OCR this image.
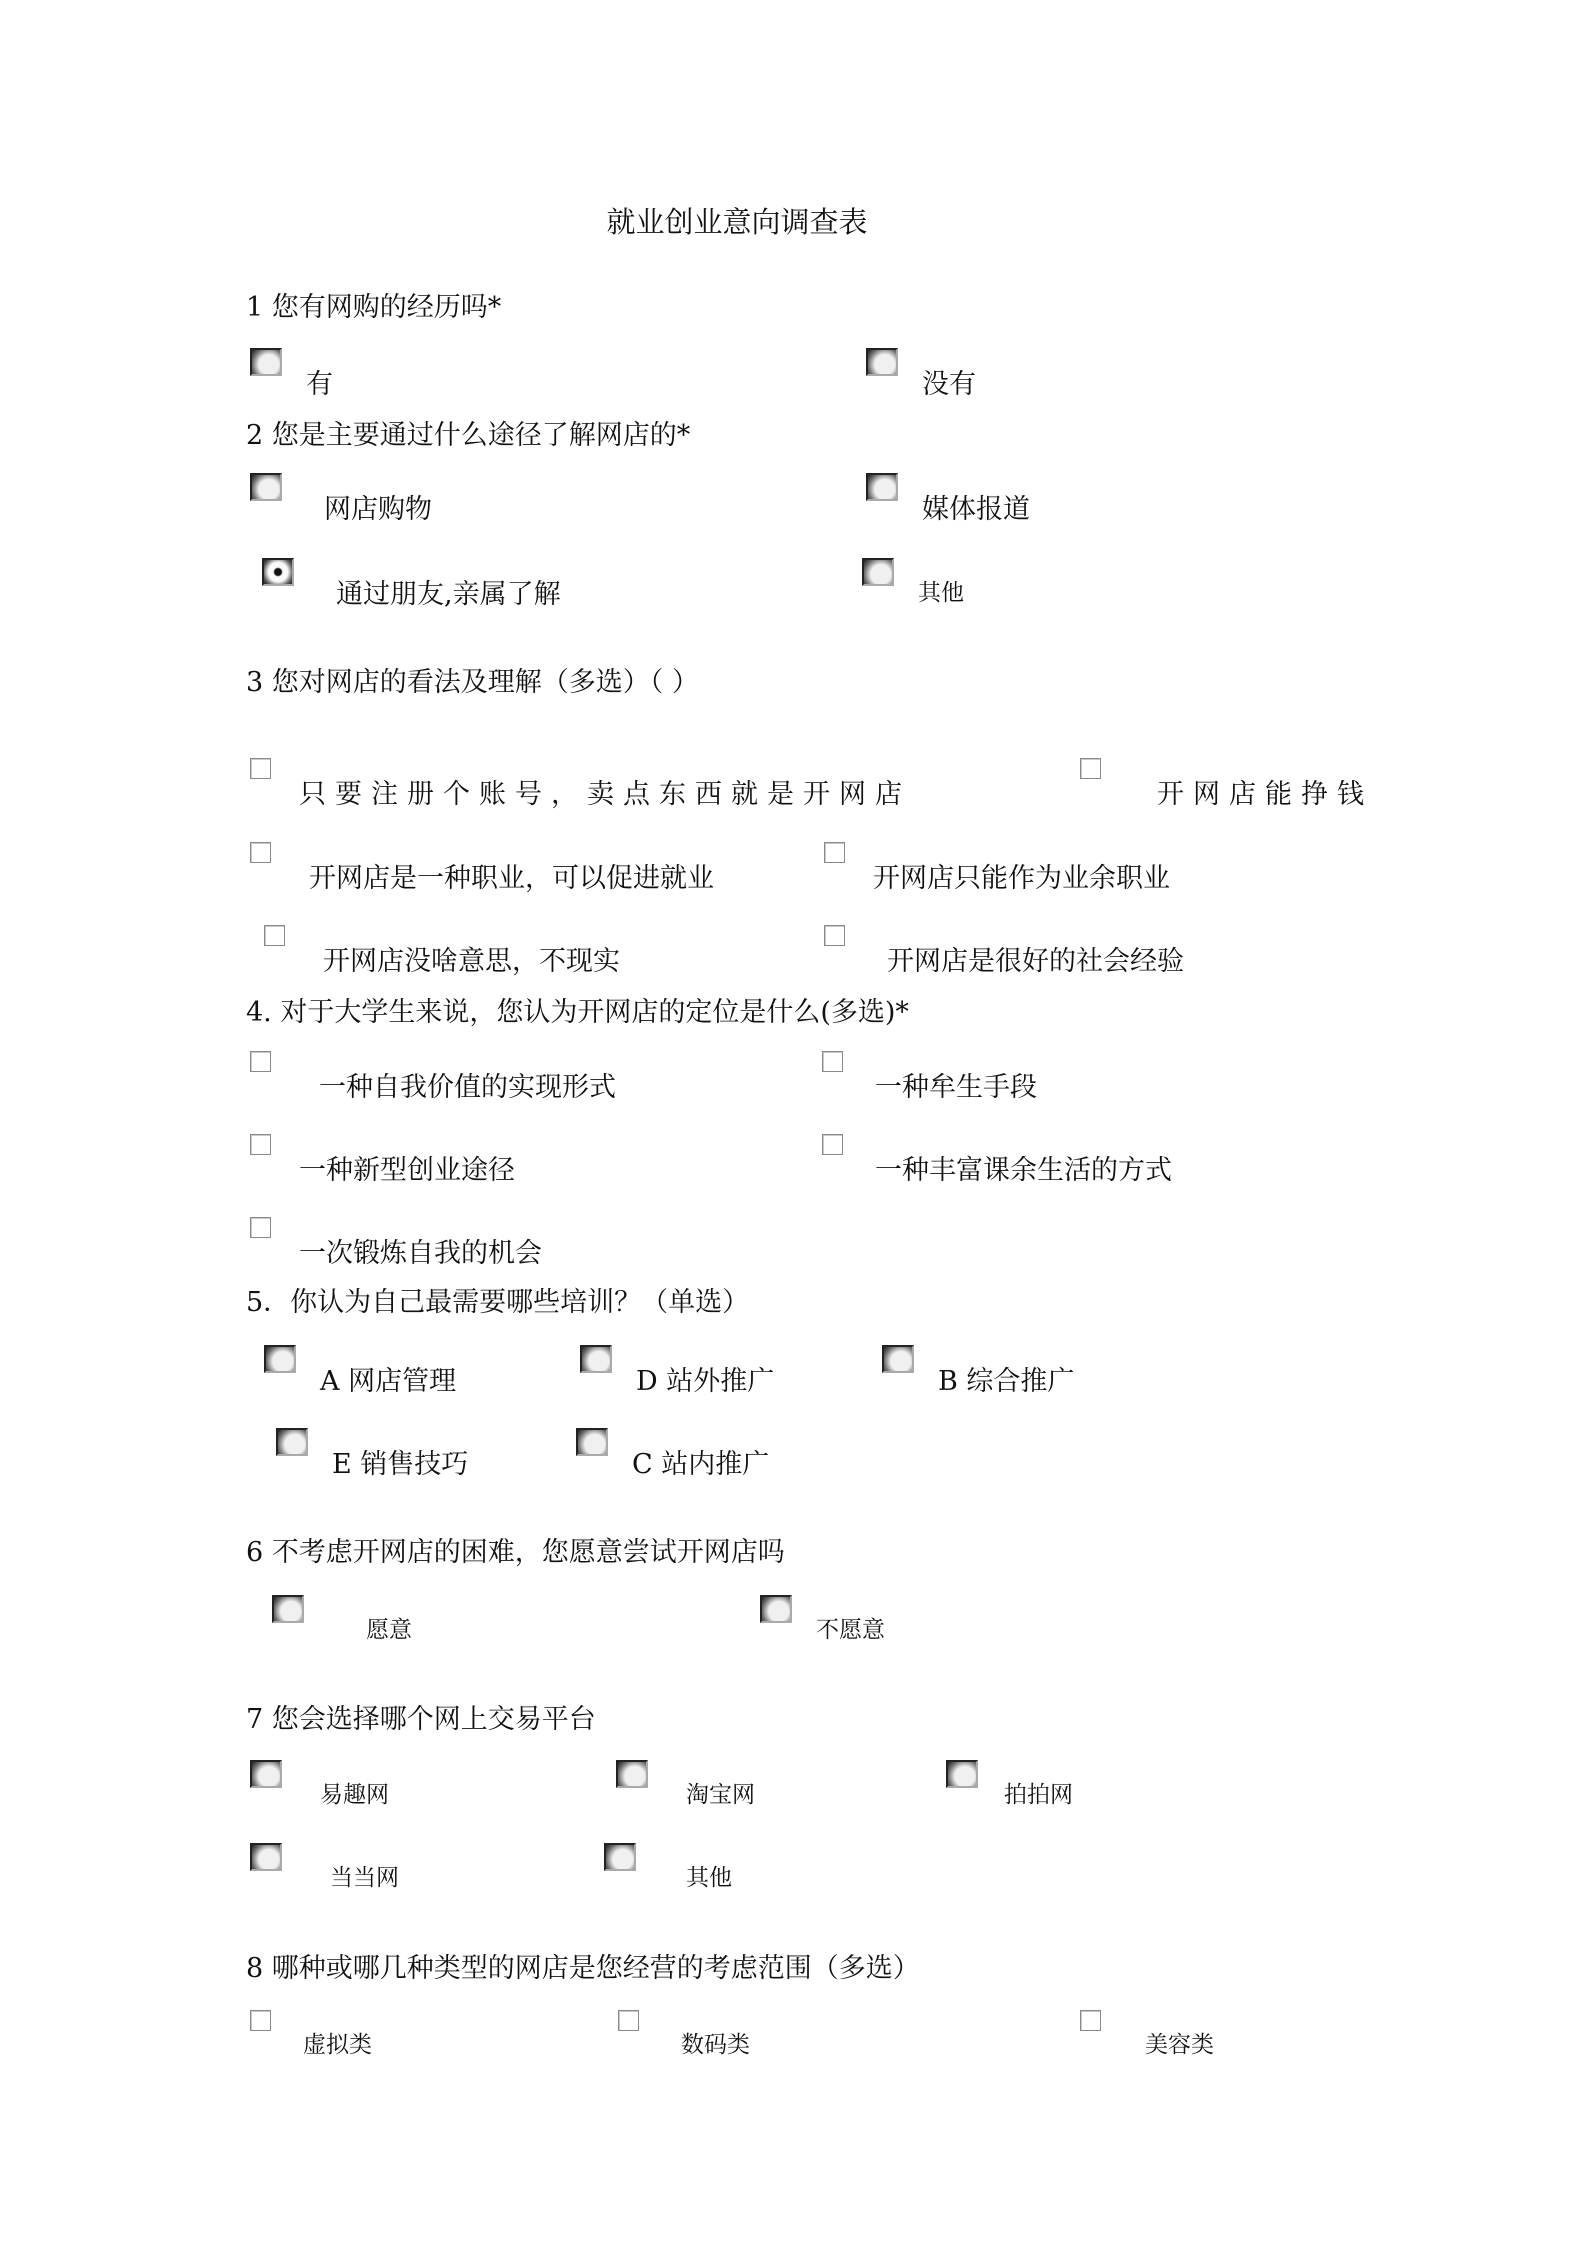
就业创业意向调查表
1 您有网购的经历吗*
有	没有
2 您是主要通过什么途径了解网店的*
网店购物	媒体报道
通过朋友,亲属了解	其他
3 您对网店的看法及理解（多选）（ ）
只要注册个账号，卖点东西就是开网店	开网店能挣钱
开网店是一种职业，可以促进就业	开网店只能作为业余职业
开网店没啥意思，不现实	开网店是很好的社会经验
4. 对于大学生来说，您认为开网店的定位是什么(多选)*
一种自我价值的实现形式	一种牟生手段
一种新型创业途径	一种丰富课余生活的方式
一次锻炼自我的机会
5．你认为自己最需要哪些培训？（单选）
A 网店管理	D 站外推广	B 综合推广
E 销售技巧	C 站内推广
6 不考虑开网店的困难，您愿意尝试开网店吗
愿意	不愿意
7 您会选择哪个网上交易平台
易趣网	淘宝网	拍拍网
当当网	其他
8 哪种或哪几种类型的网店是您经营的考虑范围（多选）
虚拟类	数码类	美容类
